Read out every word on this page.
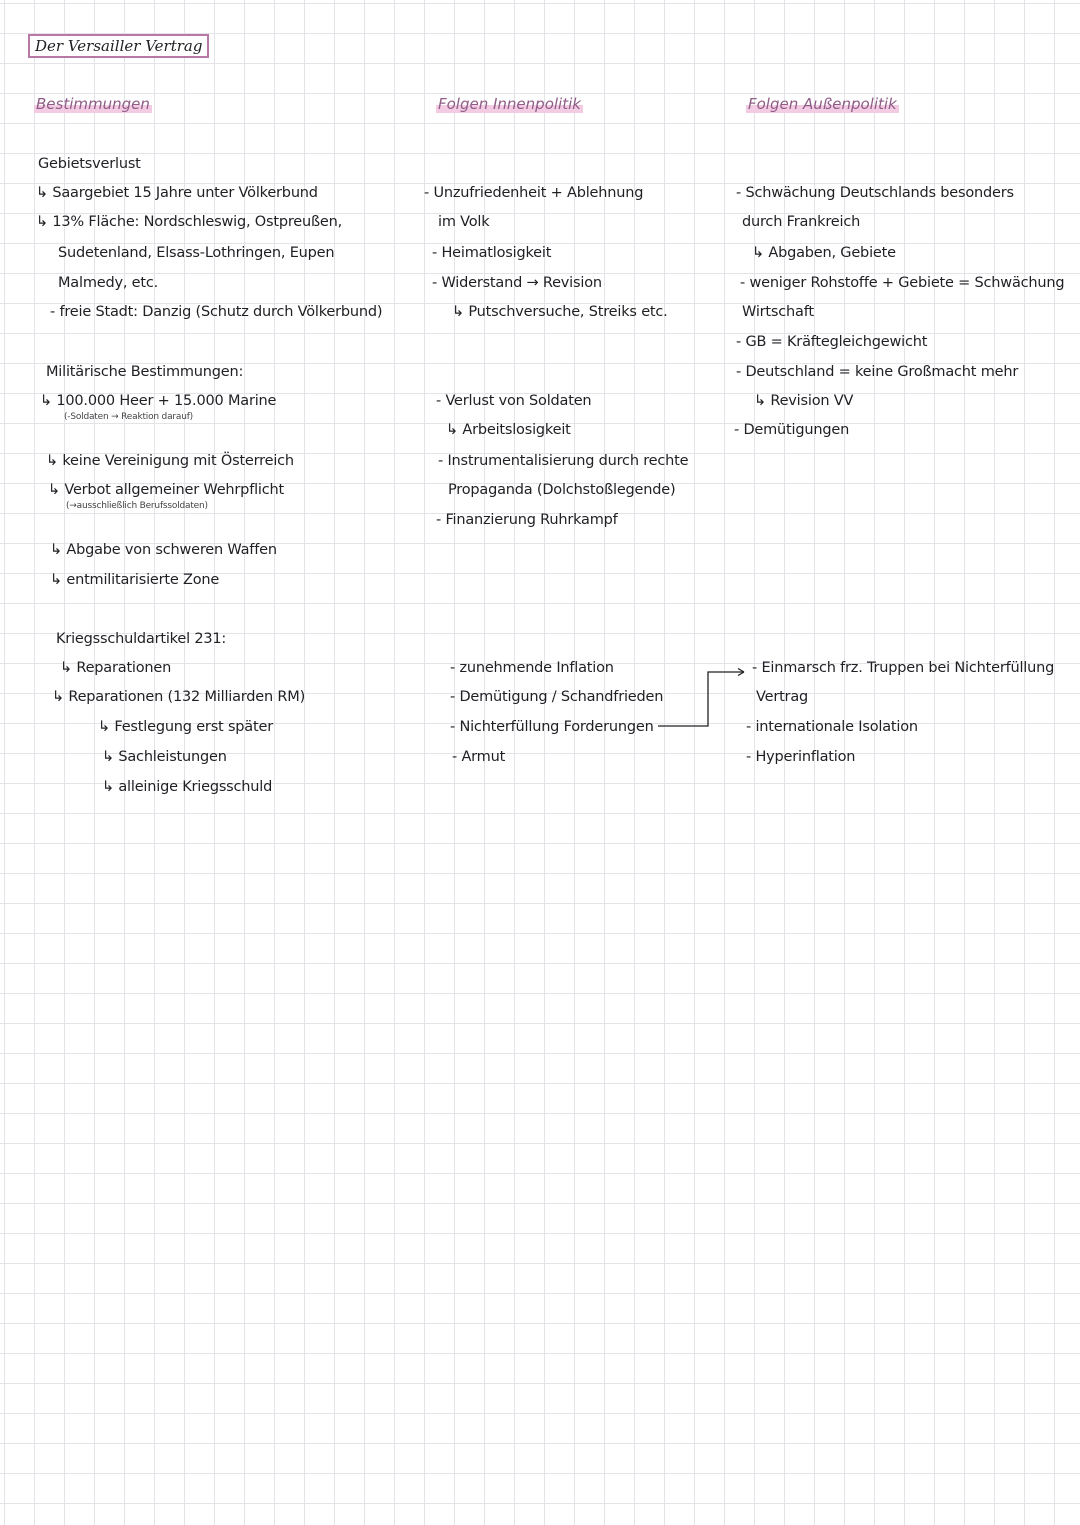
Der Versailler Vertrag
Bestimmungen	Folgen Innenpolitik	Folgen Außenpolitik
Gebietsverlust
↳ Saargebiet 15 Jahre unter Völkerbund
↳ 13% Fläche: Nordschleswig, Ostpreußen,
Sudetenland, Elsass-Lothringen, Eupen
Malmedy, etc.
- freie Stadt: Danzig (Schutz durch Völkerbund)
Militärische Bestimmungen:
↳ 100.000 Heer + 15.000 Marine
(-Soldaten → Reaktion darauf)
↳ keine Vereinigung mit Österreich
↳ Verbot allgemeiner Wehrpflicht
(→ausschließlich Berufssoldaten)
↳ Abgabe von schweren Waffen
↳ entmilitarisierte Zone
Kriegsschuldartikel 231:
↳ Reparationen
↳ Reparationen (132 Milliarden RM)
↳ Festlegung erst später
↳ Sachleistungen
↳ alleinige Kriegsschuld
- Unzufriedenheit + Ablehnung
im Volk
- Heimatlosigkeit
- Widerstand → Revision
↳ Putschversuche, Streiks etc.
- Verlust von Soldaten
↳ Arbeitslosigkeit
- Instrumentalisierung durch rechte
Propaganda (Dolchstoßlegende)
- Finanzierung Ruhrkampf
- zunehmende Inflation
- Demütigung / Schandfrieden
- Nichterfüllung Forderungen
- Armut
- Schwächung Deutschlands besonders
durch Frankreich
↳ Abgaben, Gebiete
- weniger Rohstoffe + Gebiete = Schwächung
Wirtschaft
- GB = Kräftegleichgewicht
- Deutschland = keine Großmacht mehr
↳ Revision VV
- Demütigungen
- Einmarsch frz. Truppen bei Nichterfüllung
Vertrag
- internationale Isolation
- Hyperinflation
